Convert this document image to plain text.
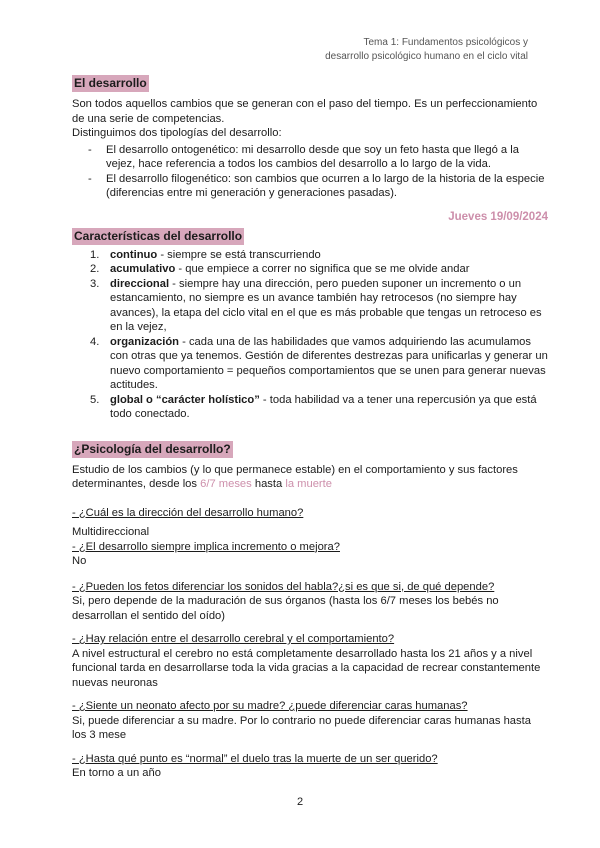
Tema 1: Fundamentos psicológicos y
desarrollo psicológico humano en el ciclo vital
El desarrollo

Son todos aquellos cambios que se generan con el paso del tiempo. Es un perfeccionamiento de una serie de competencias.

Distinguimos dos tipologías del desarrollo:

- El desarrollo ontogenético: mi desarrollo desde que soy un feto hasta que llegó a la vejez, hace referencia a todos los cambios del desarrollo a lo largo de la vida.
- El desarrollo filogenético: son cambios que ocurren a lo largo de la historia de la especie (diferencias entre mi generación y generaciones pasadas).
Jueves 19/09/2024
Características del desarrollo
1. continuo - siempre se está transcurriendo
2. acumulativo - que empiece a correr no significa que se me olvide andar
3. direccional - siempre hay una dirección, pero pueden suponer un incremento o un estancamiento, no siempre es un avance también hay retrocesos (no siempre hay avances), la etapa del ciclo vital en el que es más probable que tengas un retroceso es en la vejez,
4. organización - cada una de las habilidades que vamos adquiriendo las acumulamos con otras que ya tenemos. Gestión de diferentes destrezas para unificarlas y generar un nuevo comportamiento = pequeños comportamientos que se unen para generar nuevas actitudes.
5. global o “carácter holístico” - toda habilidad va a tener una repercusión ya que está todo conectado.
¿Psicología del desarrollo?

Estudio de los cambios (y lo que permanece estable) en el comportamiento y sus factores determinantes, desde los 6/7 meses hasta la muerte

- ¿Cuál es la dirección del desarrollo humano?

Multidireccional

- ¿El desarrollo siempre implica incremento o mejora?

No

- ¿Pueden los fetos diferenciar los sonidos del habla?¿si es que si, de qué depende?

Si, pero depende de la maduración de sus órganos (hasta los 6/7 meses los bebés no desarrollan el sentido del oído)

- ¿Hay relación entre el desarrollo cerebral y el comportamiento?

A nivel estructural el cerebro no está completamente desarrollado hasta los 21 años y a nivel funcional tarda en desarrollarse toda la vida gracias a la capacidad de recrear constantemente nuevas neuronas

- ¿Siente un neonato afecto por su madre? ¿puede diferenciar caras humanas?

Si, puede diferenciar a su madre. Por lo contrario no puede diferenciar caras humanas hasta los 3 mese

- ¿Hasta qué punto es “normal” el duelo tras la muerte de un ser querido?

En torno a un año

2
